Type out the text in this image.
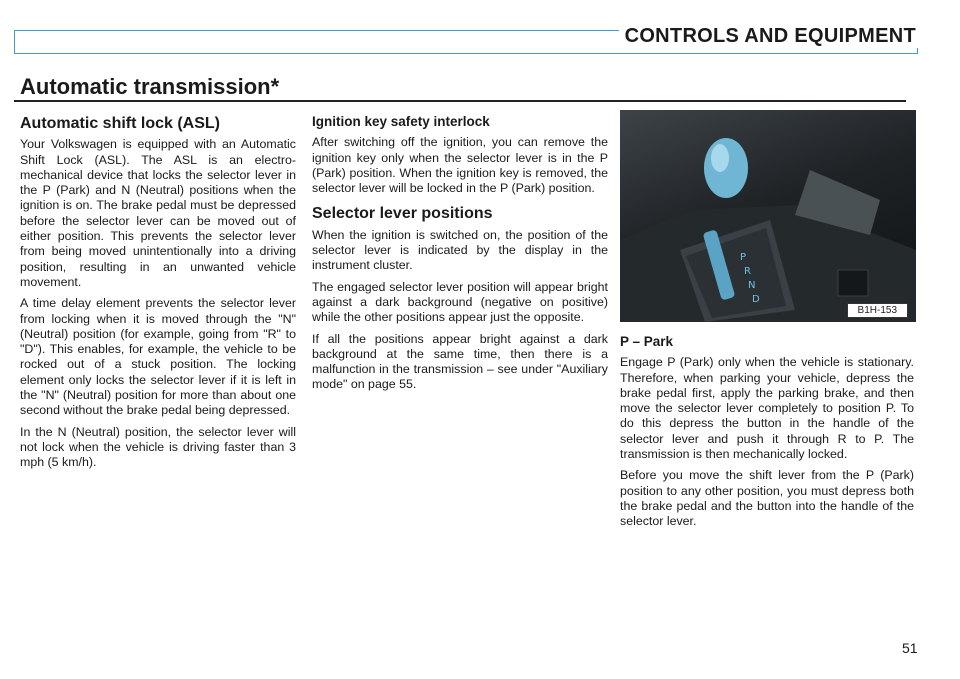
CONTROLS AND EQUIPMENT
Automatic transmission*
Automatic shift lock (ASL)

Your Volkswagen is equipped with an Automatic Shift Lock (ASL). The ASL is an electro-mechanical device that locks the selector lever in the P (Park) and N (Neutral) positions when the ignition is on. The brake pedal must be depressed before the selector lever can be moved out of either position. This prevents the selector lever from being moved unintentionally into a driving position, resulting in an unwanted vehicle movement.

A time delay element prevents the selector lever from locking when it is moved through the "N" (Neutral) position (for example, going from "R" to "D"). This enables, for example, the vehicle to be rocked out of a stuck position. The locking element only locks the selector lever if it is left in the "N" (Neutral) position for more than about one second without the brake pedal being depressed.

In the N (Neutral) position, the selector lever will not lock when the vehicle is driving faster than 3 mph (5 km/h).

Ignition key safety interlock

After switching off the ignition, you can remove the ignition key only when the selector lever is in the P (Park) position. When the ignition key is removed, the selector lever will be locked in the P (Park) position.

Selector lever positions

When the ignition is switched on, the position of the selector lever is indicated by the display in the instrument cluster.

The engaged selector lever position will appear bright against a dark background (negative on positive) while the other positions appear just the opposite.

If all the positions appear bright against a dark background at the same time, then there is a malfunction in the transmission – see under "Auxiliary mode" on page 55.

P
R
N
D
B1H-153
P – Park

Engage P (Park) only when the vehicle is stationary. Therefore, when parking your vehicle, depress the brake pedal first, apply the parking brake, and then move the selector lever completely to position P. To do this depress the button in the handle of the selector lever and push it through R to P. The transmission is then mechanically locked.

Before you move the shift lever from the P (Park) position to any other position, you must depress both the brake pedal and the button into the handle of the selector lever.

51
